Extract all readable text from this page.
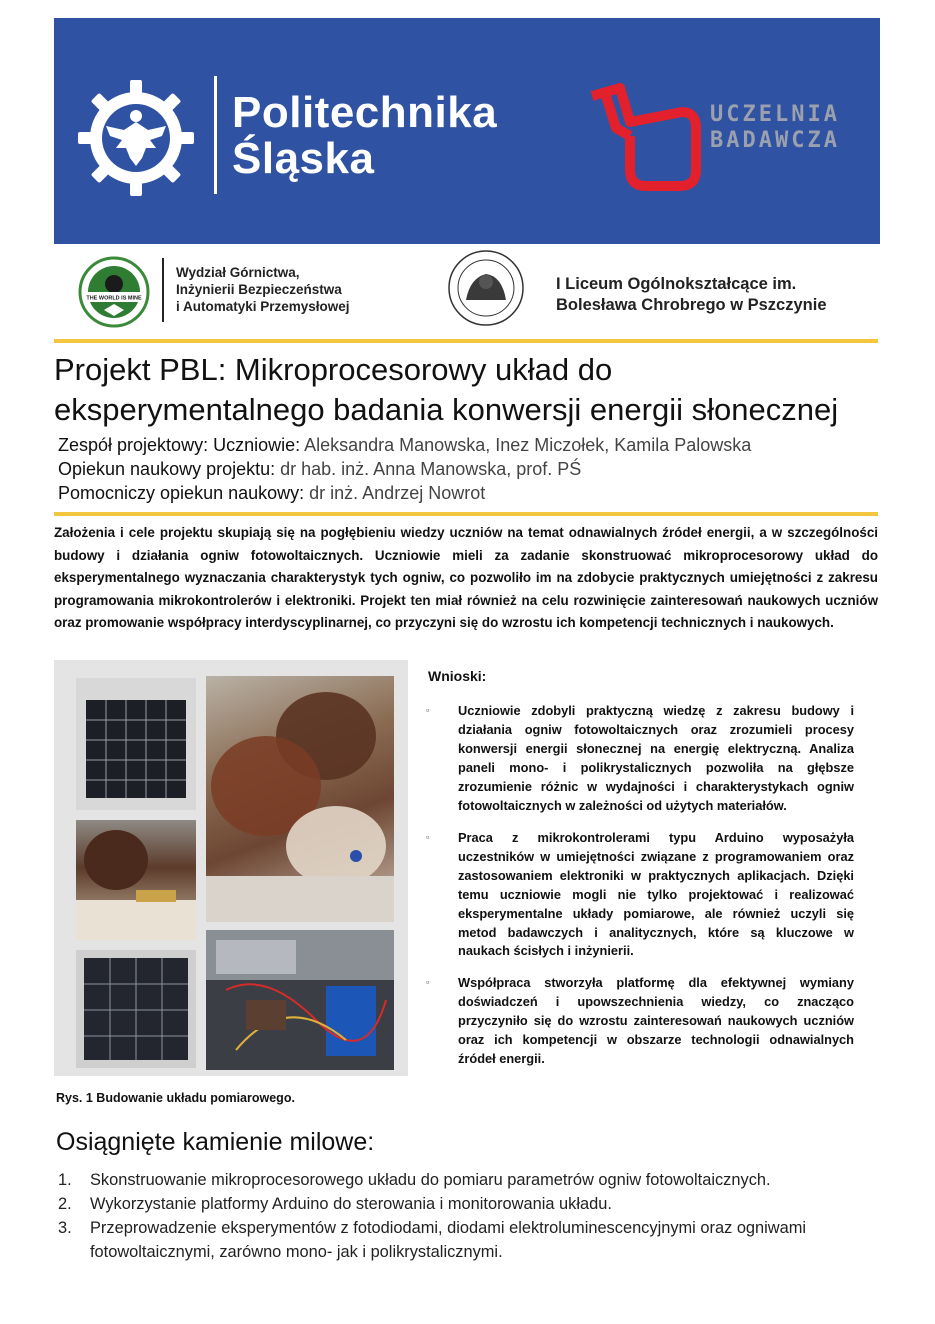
Politechnika
Śląska
UCZELNIA
BADAWCZA
THE WORLD IS MINE
Wydział Górnictwa,
Inżynierii Bezpieczeństwa
i Automatyki Przemysłowej
I Liceum Ogólnokształcące im.
Bolesława Chrobrego w Pszczynie
Projekt PBL: Mikroprocesorowy układ do
eksperymentalnego badania konwersji energii słonecznej
Zespół projektowy: Uczniowie: Aleksandra Manowska, Inez Miczołek, Kamila Palowska
Opiekun naukowy projektu: dr hab. inż. Anna Manowska, prof. PŚ
Pomocniczy opiekun naukowy: dr inż. Andrzej Nowrot
Założenia i cele projektu skupiają się na pogłębieniu wiedzy uczniów na temat odnawialnych źródeł energii, a w szczególności budowy i działania ogniw fotowoltaicznych. Uczniowie mieli za zadanie skonstruować mikroprocesorowy układ do eksperymentalnego wyznaczania charakterystyk tych ogniw, co pozwoliło im na zdobycie praktycznych umiejętności z zakresu programowania mikrokontrolerów i elektroniki. Projekt ten miał również na celu rozwinięcie zainteresowań naukowych uczniów oraz promowanie współpracy interdyscyplinarnej, co przyczyni się do wzrostu ich kompetencji technicznych i naukowych.
Rys. 1 Budowanie układu pomiarowego.
Wnioski:
▫ Uczniowie zdobyli praktyczną wiedzę z zakresu budowy i działania ogniw fotowoltaicznych oraz zrozumieli procesy konwersji energii słonecznej na energię elektryczną. Analiza paneli mono- i polikrystalicznych pozwoliła na głębsze zrozumienie różnic w wydajności i charakterystykach ogniw fotowoltaicznych w zależności od użytych materiałów.
▫ Praca z mikrokontrolerami typu Arduino wyposażyła uczestników w umiejętności związane z programowaniem oraz zastosowaniem elektroniki w praktycznych aplikacjach. Dzięki temu uczniowie mogli nie tylko projektować i realizować eksperymentalne układy pomiarowe, ale również uczyli się metod badawczych i analitycznych, które są kluczowe w naukach ścisłych i inżynierii.
▫ Współpraca stworzyła platformę dla efektywnej wymiany doświadczeń i upowszechnienia wiedzy, co znacząco przyczyniło się do wzrostu zainteresowań naukowych uczniów oraz ich kompetencji w obszarze technologii odnawialnych źródeł energii.
Osiągnięte kamienie milowe:
1. Skonstruowanie mikroprocesorowego układu do pomiaru parametrów ogniw fotowoltaicznych.
2. Wykorzystanie platformy Arduino do sterowania i monitorowania układu.
3. Przeprowadzenie eksperymentów z fotodiodami, diodami elektroluminescencyjnymi oraz ogniwami fotowoltaicznymi, zarówno mono- jak i polikrystalicznymi.
